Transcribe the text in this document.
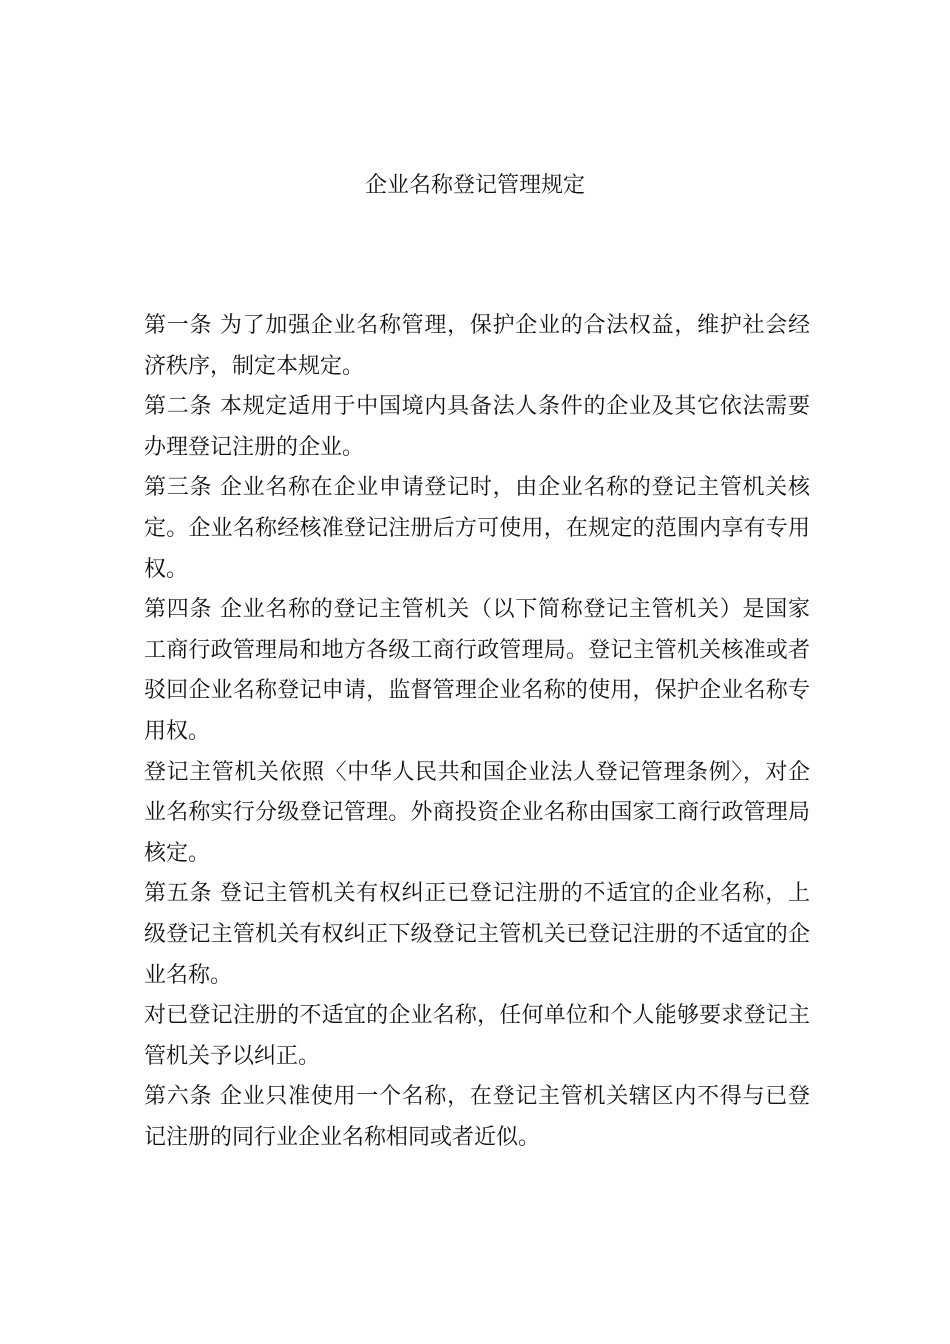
企业名称登记管理规定

第一条 为了加强企业名称管理，保护企业的合法权益，维护社会经济秩序，制定本规定。

第二条 本规定适用于中国境内具备法人条件的企业及其它依法需要办理登记注册的企业。

第三条 企业名称在企业申请登记时，由企业名称的登记主管机关核定。企业名称经核准登记注册后方可使用，在规定的范围内享有专用权。

第四条 企业名称的登记主管机关（以下简称登记主管机关）是国家工商行政管理局和地方各级工商行政管理局。登记主管机关核准或者驳回企业名称登记申请，监督管理企业名称的使用，保护企业名称专用权。

登记主管机关依照〈中华人民共和国企业法人登记管理条例〉，对企业名称实行分级登记管理。外商投资企业名称由国家工商行政管理局核定。

第五条 登记主管机关有权纠正已登记注册的不适宜的企业名称，上级登记主管机关有权纠正下级登记主管机关已登记注册的不适宜的企业名称。

对已登记注册的不适宜的企业名称，任何单位和个人能够要求登记主管机关予以纠正。

第六条 企业只准使用一个名称，在登记主管机关辖区内不得与已登记注册的同行业企业名称相同或者近似。
